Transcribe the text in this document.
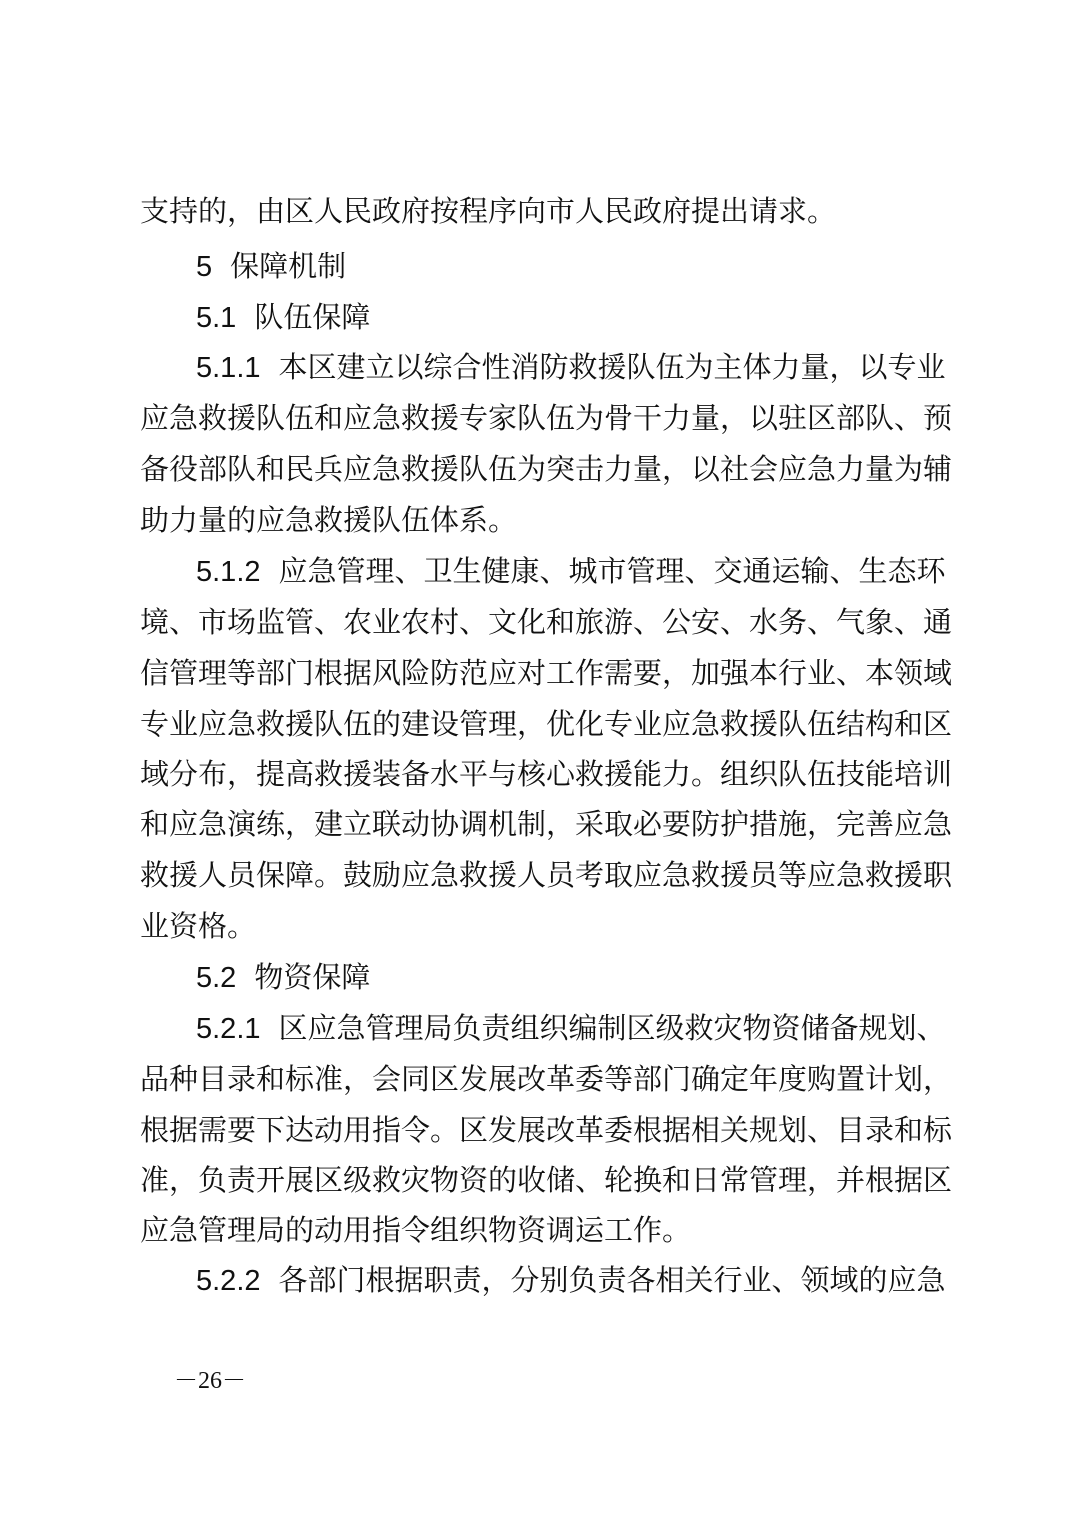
支持的，由区人民政府按程序向市人民政府提出请求。
5 保障机制
5.1 队伍保障
5.1.1 本区建立以综合性消防救援队伍为主体力量，以专业
应急救援队伍和应急救援专家队伍为骨干力量，以驻区部队、预
备役部队和民兵应急救援队伍为突击力量，以社会应急力量为辅
助力量的应急救援队伍体系。
5.1.2 应急管理、卫生健康、城市管理、交通运输、生态环
境、市场监管、农业农村、文化和旅游、公安、水务、气象、通
信管理等部门根据风险防范应对工作需要，加强本行业、本领域
专业应急救援队伍的建设管理，优化专业应急救援队伍结构和区
域分布，提高救援装备水平与核心救援能力。组织队伍技能培训
和应急演练，建立联动协调机制，采取必要防护措施，完善应急
救援人员保障。鼓励应急救援人员考取应急救援员等应急救援职
业资格。
5.2 物资保障
5.2.1 区应急管理局负责组织编制区级救灾物资储备规划、
品种目录和标准，会同区发展改革委等部门确定年度购置计划，
根据需要下达动用指令。区发展改革委根据相关规划、目录和标
准，负责开展区级救灾物资的收储、轮换和日常管理，并根据区
应急管理局的动用指令组织物资调运工作。
5.2.2 各部门根据职责，分别负责各相关行业、领域的应急
－26－
